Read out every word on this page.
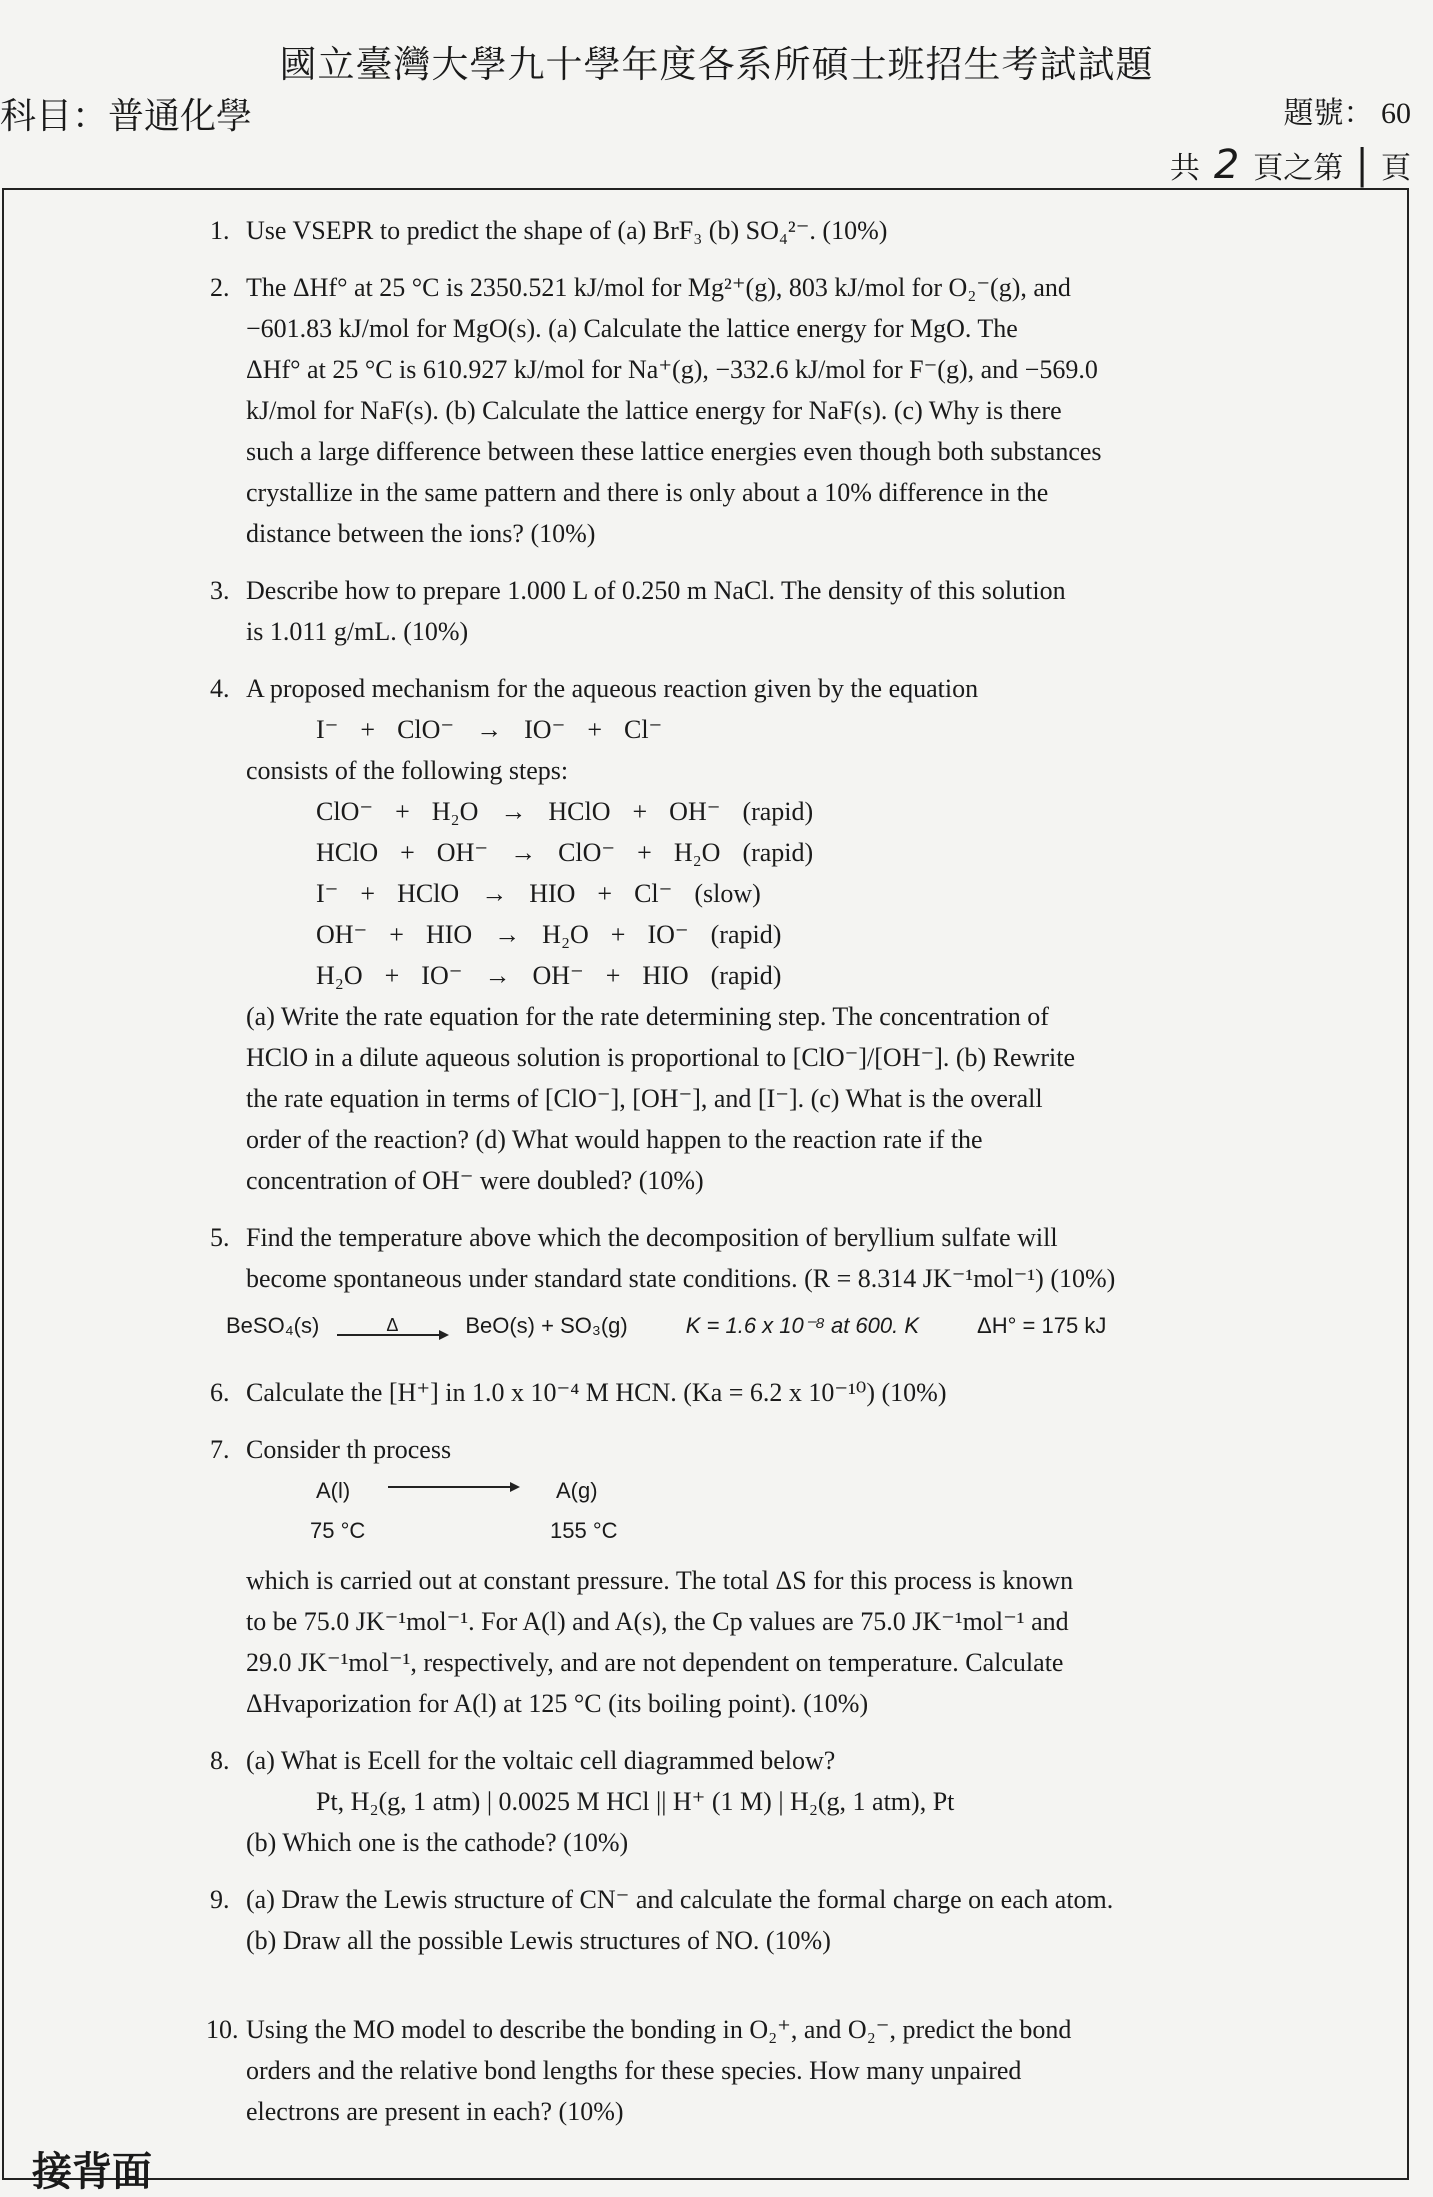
國立臺灣大學九十學年度各系所碩士班招生考試試題
科目：普通化學	題號： 60
共 2 頁之第 | 頁
1. Use VSEPR to predict the shape of (a) BrF₃ (b) SO₄²⁻. (10%)
2. The ΔHf° at 25 °C is 2350.521 kJ/mol for Mg²⁺(g), 803 kJ/mol for O₂⁻(g), and
−601.83 kJ/mol for MgO(s). (a) Calculate the lattice energy for MgO. The
ΔHf° at 25 °C is 610.927 kJ/mol for Na⁺(g), −332.6 kJ/mol for F⁻(g), and −569.0
kJ/mol for NaF(s). (b) Calculate the lattice energy for NaF(s). (c) Why is there
such a large difference between these lattice energies even though both substances
crystallize in the same pattern and there is only about a 10% difference in the
distance between the ions? (10%)
3. Describe how to prepare 1.000 L of 0.250 m NaCl. The density of this solution
is 1.011 g/mL. (10%)
4. A proposed mechanism for the aqueous reaction given by the equation
I⁻ + ClO⁻ → IO⁻ + Cl⁻
consists of the following steps:
ClO⁻ + H₂O → HClO + OH⁻ (rapid)
HClO + OH⁻ → ClO⁻ + H₂O (rapid)
I⁻ + HClO → HIO + Cl⁻ (slow)
OH⁻ + HIO → H₂O + IO⁻ (rapid)
H₂O + IO⁻ → OH⁻ + HIO (rapid)
(a) Write the rate equation for the rate determining step. The concentration of
HClO in a dilute aqueous solution is proportional to [ClO⁻]/[OH⁻]. (b) Rewrite
the rate equation in terms of [ClO⁻], [OH⁻], and [I⁻]. (c) What is the overall
order of the reaction? (d) What would happen to the reaction rate if the
concentration of OH⁻ were doubled? (10%)
5. Find the temperature above which the decomposition of beryllium sulfate will
become spontaneous under standard state conditions. (R = 8.314 JK⁻¹mol⁻¹) (10%)
BeSO₄(s)	Δ	BeO(s) + SO₃(g)	K = 1.6 x 10⁻⁸ at 600. K	ΔH° = 175 kJ
6. Calculate the [H⁺] in 1.0 x 10⁻⁴ M HCN. (Ka = 6.2 x 10⁻¹⁰) (10%)
7. Consider th process
A(l)	A(g)
75 °C	155 °C
which is carried out at constant pressure. The total ΔS for this process is known
to be 75.0 JK⁻¹mol⁻¹. For A(l) and A(s), the Cp values are 75.0 JK⁻¹mol⁻¹ and
29.0 JK⁻¹mol⁻¹, respectively, and are not dependent on temperature. Calculate
ΔHvaporization for A(l) at 125 °C (its boiling point). (10%)
8. (a) What is Ecell for the voltaic cell diagrammed below?
Pt, H₂(g, 1 atm) | 0.0025 M HCl || H⁺ (1 M) | H₂(g, 1 atm), Pt
(b) Which one is the cathode? (10%)
9. (a) Draw the Lewis structure of CN⁻ and calculate the formal charge on each atom.
(b) Draw all the possible Lewis structures of NO. (10%)
10. Using the MO model to describe the bonding in O₂⁺, and O₂⁻, predict the bond
orders and the relative bond lengths for these species. How many unpaired
electrons are present in each? (10%)
接背面
